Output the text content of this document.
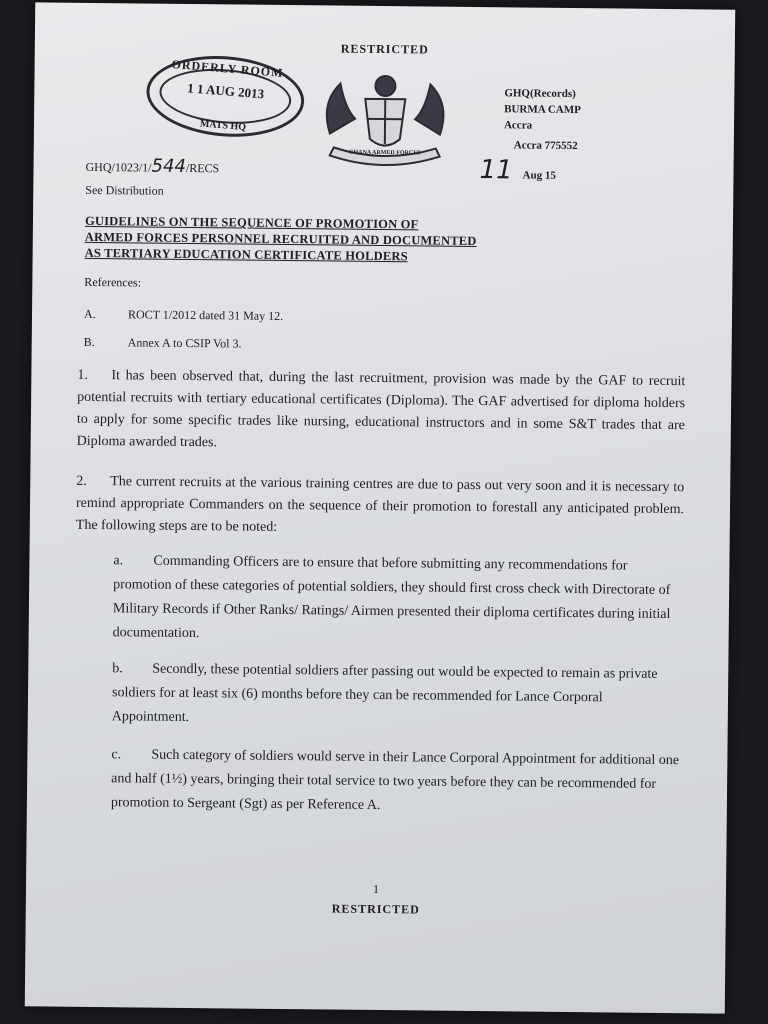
RESTRICTED
ORDERLY ROOM
1 1 AUG 2013
MATS HQ
GHANA ARMED FORCES
GHQ(Records)
BURMA CAMP
Accra
Accra 775552
11 Aug 15
GHQ/1023/1/544/RECS
See Distribution
GUIDELINES ON THE SEQUENCE OF PROMOTION OF
ARMED FORCES PERSONNEL RECRUITED AND DOCUMENTED
AS TERTIARY EDUCATION CERTIFICATE HOLDERS
References:
A.	ROCT 1/2012 dated 31 May 12.
B.	Annex A to CSIP Vol 3.
1. It has been observed that, during the last recruitment, provision was made by the GAF to recruit potential recruits with tertiary educational certificates (Diploma). The GAF advertised for diploma holders to apply for some specific trades like nursing, educational instructors and in some S&T trades that are Diploma awarded trades.
2. The current recruits at the various training centres are due to pass out very soon and it is necessary to remind appropriate Commanders on the sequence of their promotion to forestall any anticipated problem. The following steps are to be noted:
a. Commanding Officers are to ensure that before submitting any recommendations for promotion of these categories of potential soldiers, they should first cross check with Directorate of Military Records if Other Ranks/ Ratings/ Airmen presented their diploma certificates during initial documentation.
b. Secondly, these potential soldiers after passing out would be expected to remain as private soldiers for at least six (6) months before they can be recommended for Lance Corporal Appointment.
c. Such category of soldiers would serve in their Lance Corporal Appointment for additional one and half (1½) years, bringing their total service to two years before they can be recommended for promotion to Sergeant (Sgt) as per Reference A.
1
RESTRICTED
